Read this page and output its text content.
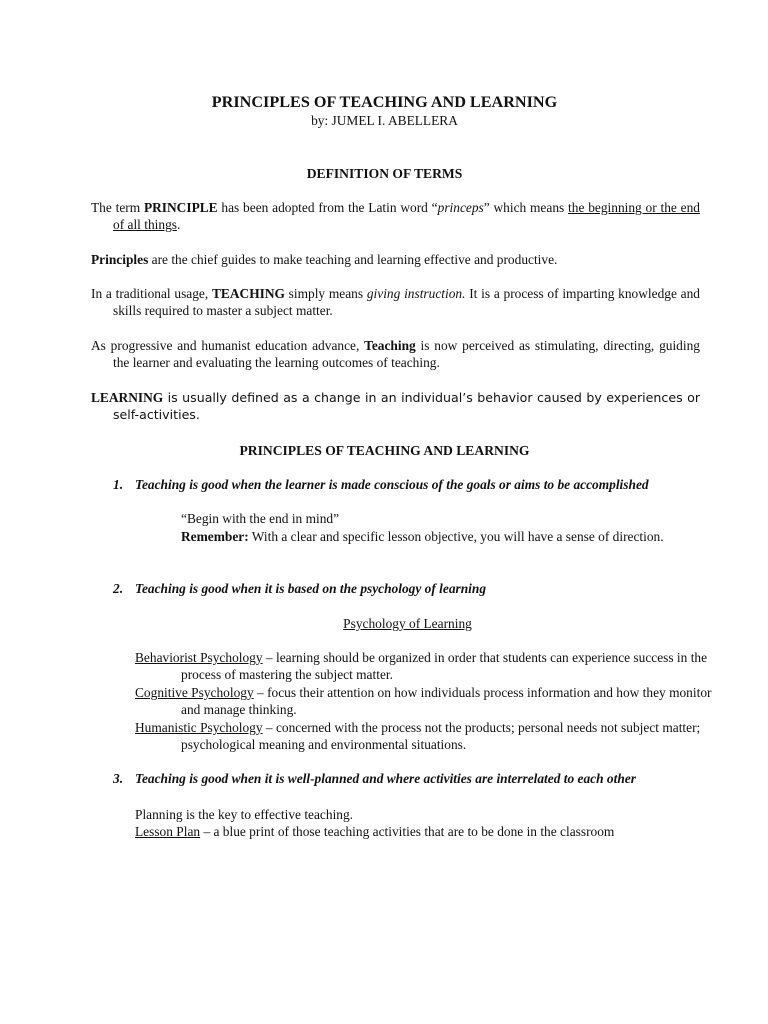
PRINCIPLES OF TEACHING AND LEARNING
by: JUMEL I. ABELLERA
DEFINITION OF TERMS
The term PRINCIPLE has been adopted from the Latin word “princeps” which means the beginning or the end of all things.
Principles are the chief guides to make teaching and learning effective and productive.
In a traditional usage, TEACHING simply means giving instruction. It is a process of imparting knowledge and skills required to master a subject matter.
As progressive and humanist education advance, Teaching is now perceived as stimulating, directing, guiding the learner and evaluating the learning outcomes of teaching.
LEARNING is usually defined as a change in an individual’s behavior caused by experiences or self-activities.
PRINCIPLES OF TEACHING AND LEARNING
1. Teaching is good when the learner is made conscious of the goals or aims to be accomplished
“Begin with the end in mind”
Remember: With a clear and specific lesson objective, you will have a sense of direction.
2. Teaching is good when it is based on the psychology of learning
Psychology of Learning
Behaviorist Psychology – learning should be organized in order that students can experience success in the process of mastering the subject matter.
Cognitive Psychology – focus their attention on how individuals process information and how they monitor and manage thinking.
Humanistic Psychology – concerned with the process not the products; personal needs not subject matter; psychological meaning and environmental situations.
3. Teaching is good when it is well-planned and where activities are interrelated to each other
Planning is the key to effective teaching.
Lesson Plan – a blue print of those teaching activities that are to be done in the classroom
